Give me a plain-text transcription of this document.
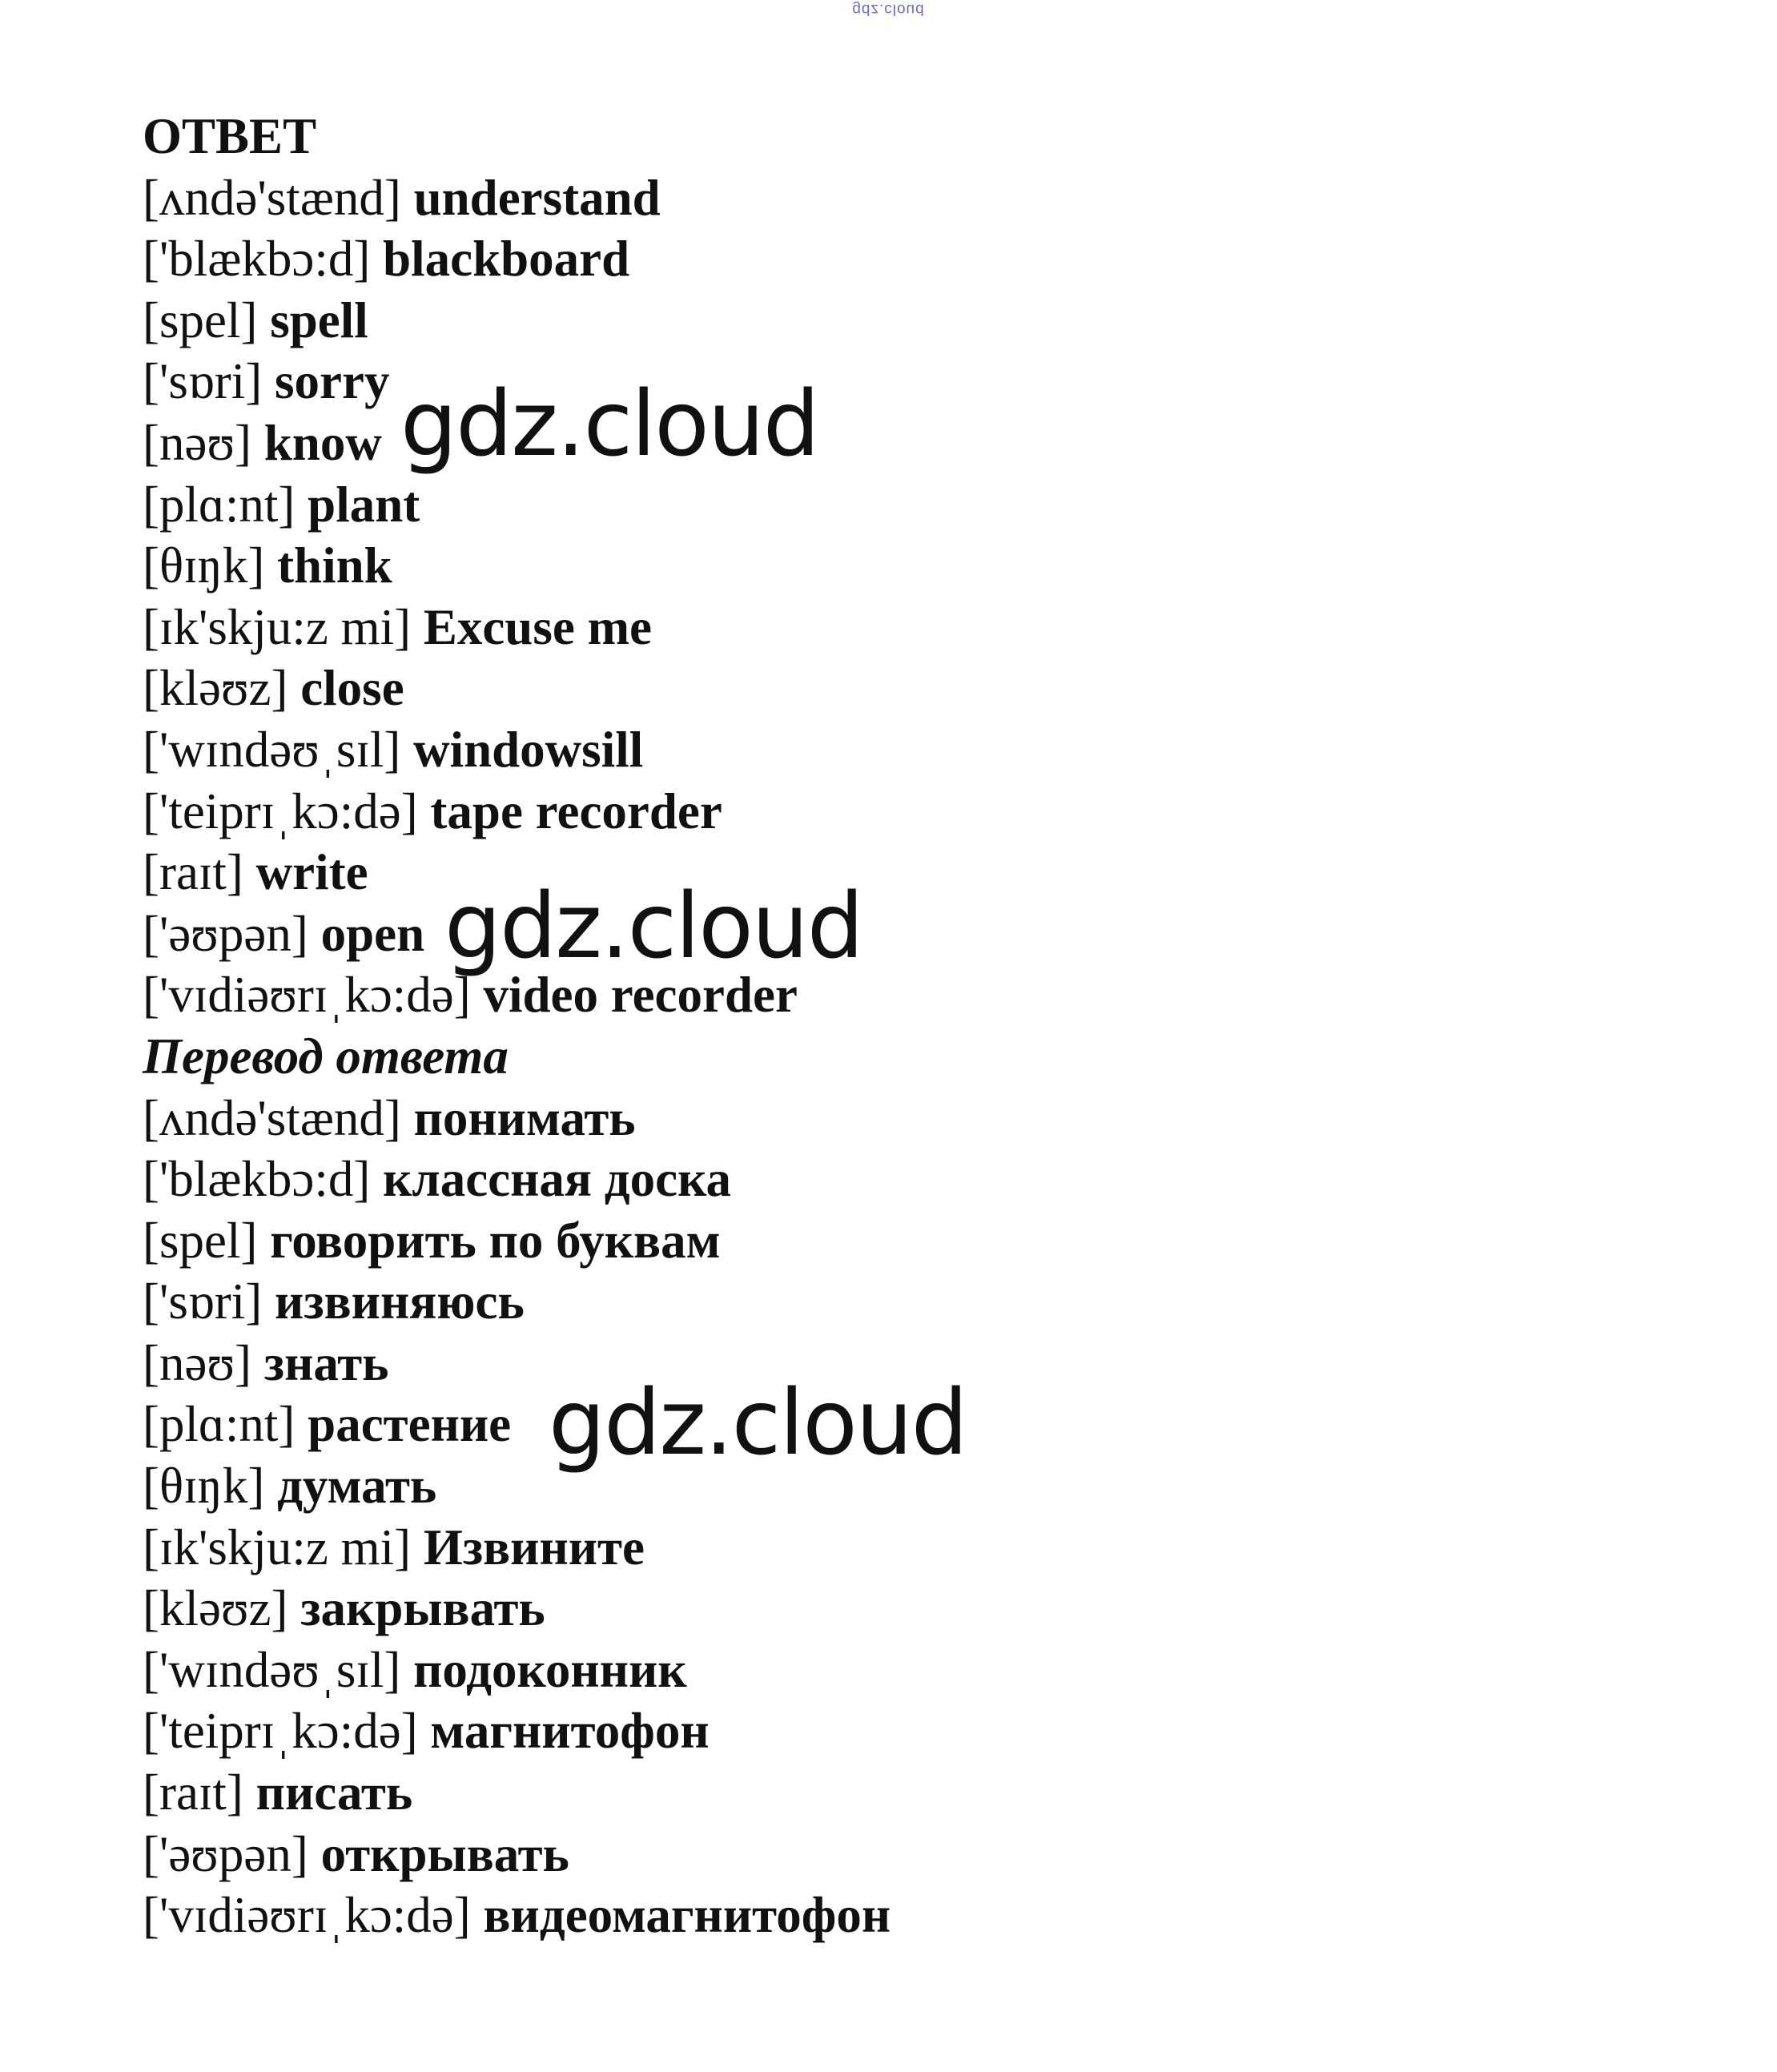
gdz.cloud
ОТВЕТ
[ʌndə'stænd] understand
['blækbɔ:d] blackboard
[spel] spell
['sɒri] sorry
[nəʊ] know
[plɑ:nt] plant
[θɪŋk] think
[ɪk'skju:z mi] Excuse me
[kləʊz] close
['wɪndəʊˌsɪl] windowsill
['teiprɪˌkɔ:də] tape recorder
[raɪt] write
['əʊpən] open
['vɪdiəʊrɪˌkɔ:də] video recorder
Перевод ответа
[ʌndə'stænd] понимать
['blækbɔ:d] классная доска
[spel] говорить по буквам
['sɒri] извиняюсь
[nəʊ] знать
[plɑ:nt] растение
[θɪŋk] думать
[ɪk'skju:z mi] Извините
[kləʊz] закрывать
['wɪndəʊˌsɪl] подоконник
['teiprɪˌkɔ:də] магнитофон
[raɪt] писать
['əʊpən] открывать
['vɪdiəʊrɪˌkɔ:də] видеомагнитофон
gdz.cloud
gdz.cloud
gdz.cloud
